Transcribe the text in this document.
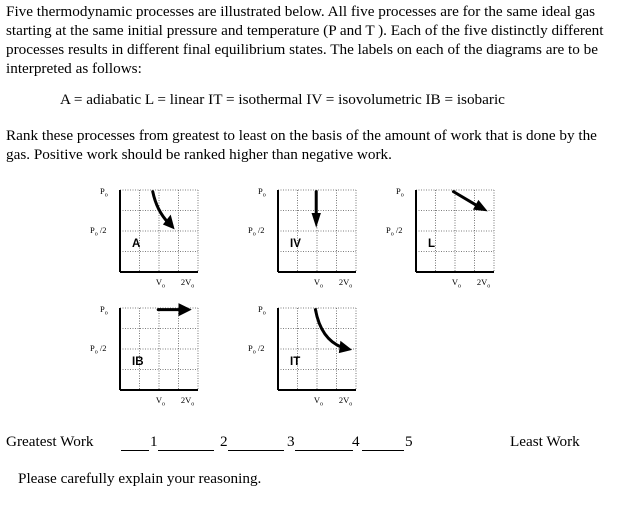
Five thermodynamic processes are illustrated below. All five processes are for the same ideal gas starting at the same initial pressure and temperature (P and T ). Each of the five distinctly different processes results in different final equilibrium states. The labels on each of the diagrams are to be interpreted as follows:

A = adiabatic L = linear IT = isothermal IV = isovolumetric IB = isobaric

Rank these processes from greatest to least on the basis of the amount of work that is done by the gas. Positive work should be ranked higher than negative work.

$P_o$
$P_o$ /2
$V_o$ $2V_o$
A
$P_o$
$P_o$ /2
$V_o$ $2V_o$
IV
$P_o$
$P_o$ /2
$V_o$ $2V_o$
L
$P_o$
$P_o$ /2
$V_o$ $2V_o$
IB
$P_o$
$P_o$ /2
$V_o$ $2V_o$
IT
Greatest Work	1	2	3	4	5	Least Work
Please carefully explain your reasoning.
